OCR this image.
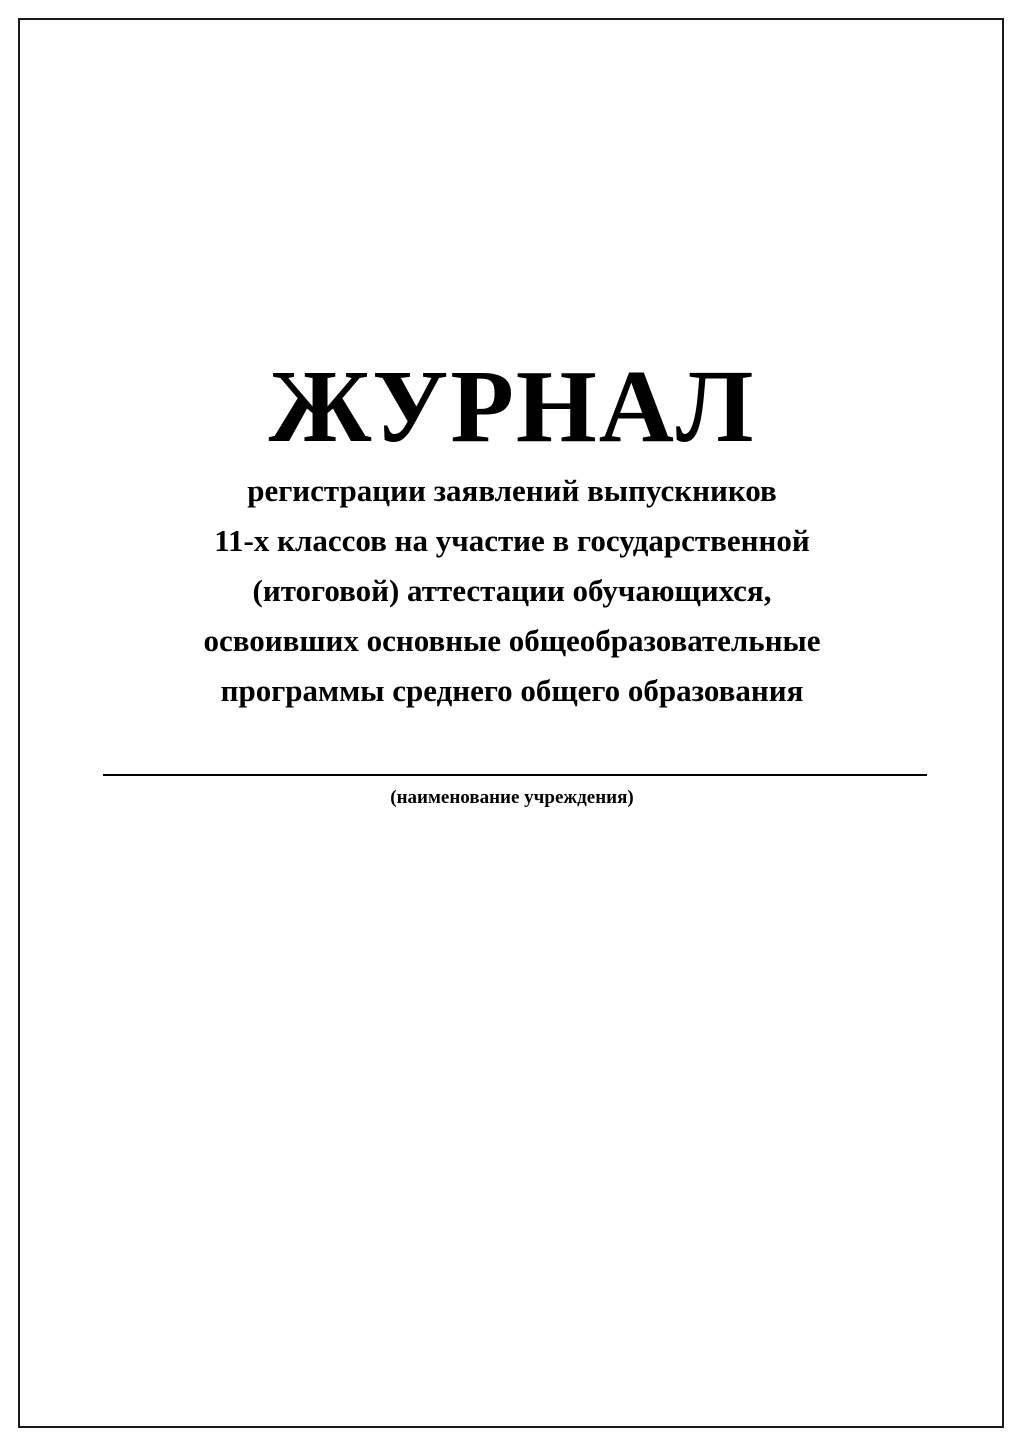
ЖУРНАЛ
регистрации заявлений выпускников
11-х классов на участие в государственной
(итоговой) аттестации обучающихся,
освоивших основные общеобразовательные
программы среднего общего образования
(наименование учреждения)
